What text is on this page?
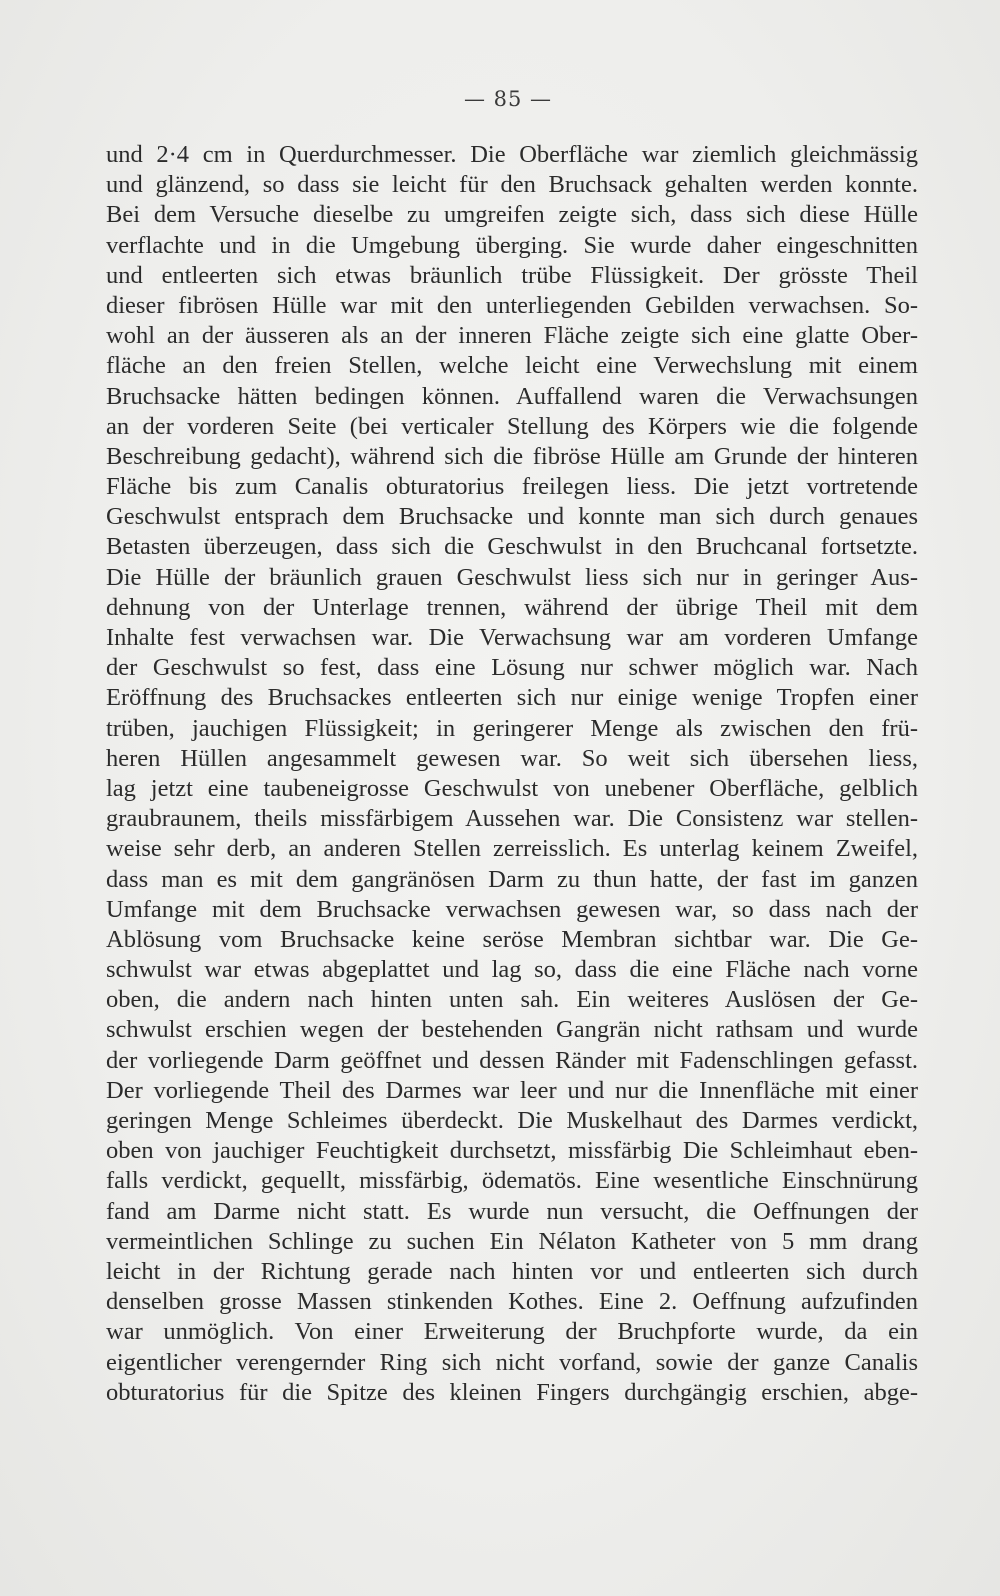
— 85 —
und 2·4 cm in Querdurchmesser. Die Oberfläche war ziemlich gleichmässig
und glänzend, so dass sie leicht für den Bruchsack gehalten werden konnte.
Bei dem Versuche dieselbe zu umgreifen zeigte sich, dass sich diese Hülle
verflachte und in die Umgebung überging. Sie wurde daher eingeschnitten
und entleerten sich etwas bräunlich trübe Flüssigkeit. Der grösste Theil
dieser fibrösen Hülle war mit den unterliegenden Gebilden verwachsen. So-
wohl an der äusseren als an der inneren Fläche zeigte sich eine glatte Ober-
fläche an den freien Stellen, welche leicht eine Verwechslung mit einem
Bruchsacke hätten bedingen können. Auffallend waren die Verwachsungen
an der vorderen Seite (bei verticaler Stellung des Körpers wie die folgende
Beschreibung gedacht), während sich die fibröse Hülle am Grunde der hinteren
Fläche bis zum Canalis obturatorius freilegen liess. Die jetzt vortretende
Geschwulst entsprach dem Bruchsacke und konnte man sich durch genaues
Betasten überzeugen, dass sich die Geschwulst in den Bruchcanal fortsetzte.
Die Hülle der bräunlich grauen Geschwulst liess sich nur in geringer Aus-
dehnung von der Unterlage trennen, während der übrige Theil mit dem
Inhalte fest verwachsen war. Die Verwachsung war am vorderen Umfange
der Geschwulst so fest, dass eine Lösung nur schwer möglich war. Nach
Eröffnung des Bruchsackes entleerten sich nur einige wenige Tropfen einer
trüben, jauchigen Flüssigkeit; in geringerer Menge als zwischen den frü-
heren Hüllen angesammelt gewesen war. So weit sich übersehen liess,
lag jetzt eine taubeneigrosse Geschwulst von unebener Oberfläche, gelblich
graubraunem, theils missfärbigem Aussehen war. Die Consistenz war stellen-
weise sehr derb, an anderen Stellen zerreisslich. Es unterlag keinem Zweifel,
dass man es mit dem gangränösen Darm zu thun hatte, der fast im ganzen
Umfange mit dem Bruchsacke verwachsen gewesen war, so dass nach der
Ablösung vom Bruchsacke keine seröse Membran sichtbar war. Die Ge-
schwulst war etwas abgeplattet und lag so, dass die eine Fläche nach vorne
oben, die andern nach hinten unten sah. Ein weiteres Auslösen der Ge-
schwulst erschien wegen der bestehenden Gangrän nicht rathsam und wurde
der vorliegende Darm geöffnet und dessen Ränder mit Fadenschlingen gefasst.
Der vorliegende Theil des Darmes war leer und nur die Innenfläche mit einer
geringen Menge Schleimes überdeckt. Die Muskelhaut des Darmes verdickt,
oben von jauchiger Feuchtigkeit durchsetzt, missfärbig Die Schleimhaut eben-
falls verdickt, gequellt, missfärbig, ödematös. Eine wesentliche Einschnürung
fand am Darme nicht statt. Es wurde nun versucht, die Oeffnungen der
vermeintlichen Schlinge zu suchen Ein Nélaton Katheter von 5 mm drang
leicht in der Richtung gerade nach hinten vor und entleerten sich durch
denselben grosse Massen stinkenden Kothes. Eine 2. Oeffnung aufzufinden
war unmöglich. Von einer Erweiterung der Bruchpforte wurde, da ein
eigentlicher verengernder Ring sich nicht vorfand, sowie der ganze Canalis
obturatorius für die Spitze des kleinen Fingers durchgängig erschien, abge-
